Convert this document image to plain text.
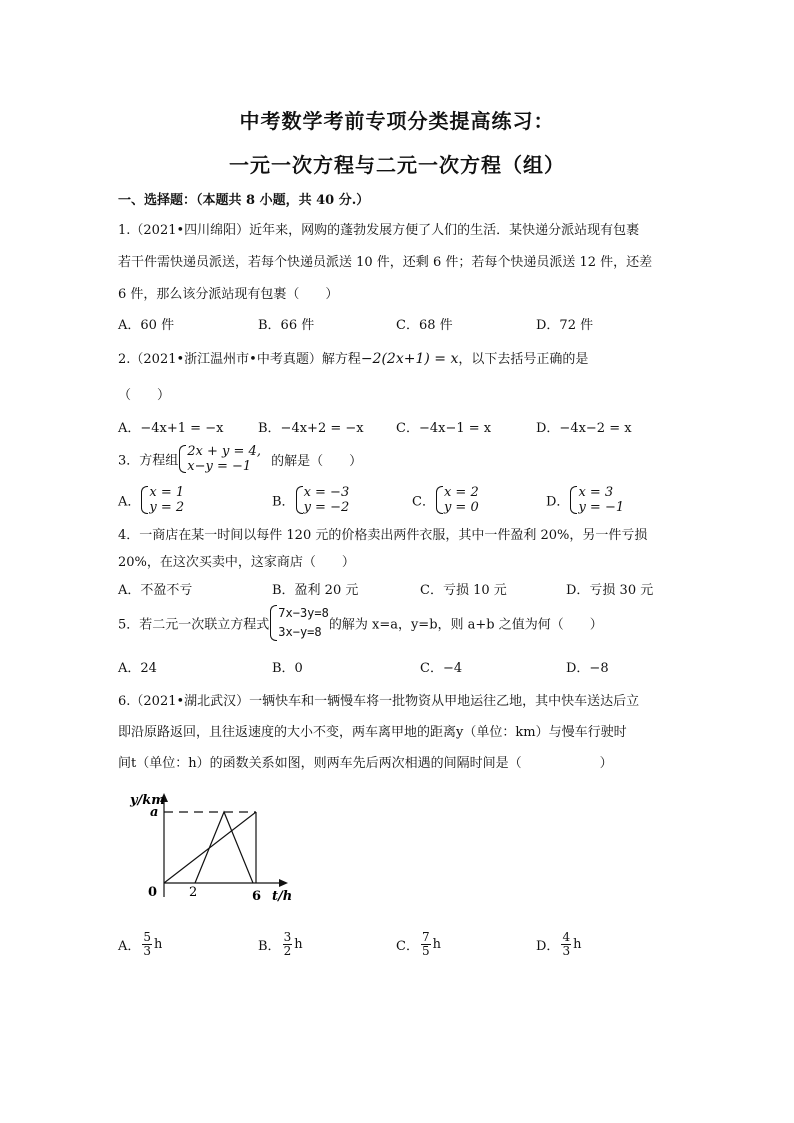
中考数学考前专项分类提高练习：
一元一次方程与二元一次方程（组）
一、选择题：（本题共 8 小题，共 40 分.）
1.（2021•四川绵阳）近年来，网购的蓬勃发展方便了人们的生活．某快递分派站现有包裹
若干件需快递员派送，若每个快递员派送 10 件，还剩 6 件；若每个快递员派送 12 件，还差
6 件，那么该分派站现有包裹（　　）
A．60 件	B．66 件	C．68 件	D．72 件
2.（2021•浙江温州市•中考真题）解方程−2(2x+1) = x，以下去括号正确的是
（　　）
A．−4x+1 = −x	B．−4x+2 = −x C．−4x−1 = x	D．−4x−2 = x
3．方程组
2x + y = 4,
x−y = −1	的解是（　　）
A．
x = 1
y = 2	B．
x = −3
y = −2	C．
x = 2
y = 0	D．
x = 3
y = −1
4．一商店在某一时间以每件 120 元的价格卖出两件衣服，其中一件盈利 20%，另一件亏损
20%，在这次买卖中，这家商店（　　）
A．不盈不亏	B．盈利 20 元	C．亏损 10 元	D．亏损 30 元
5．若二元一次联立方程式
7x−3y=8
3x−y=8 的解为 x=a，y=b，则 a+b 之值为何（　　）
A．24	B．0	C．−4	D．−8
6.（2021•湖北武汉）一辆快车和一辆慢车将一批物资从甲地运往乙地，其中快车送达后立
即沿原路返回，且往返速度的大小不变，两车离甲地的距离y（单位：km）与慢车行驶时
间t（单位：h）的函数关系如图，则两车先后两次相遇的间隔时间是（　　　　　　）
y/km
a
0 2	6 t/h
A． $\frac{5}{3}$ h	B． $\frac{3}{2}$ h	C． $\frac{7}{5}$ h	D． $\frac{4}{3}$ h
